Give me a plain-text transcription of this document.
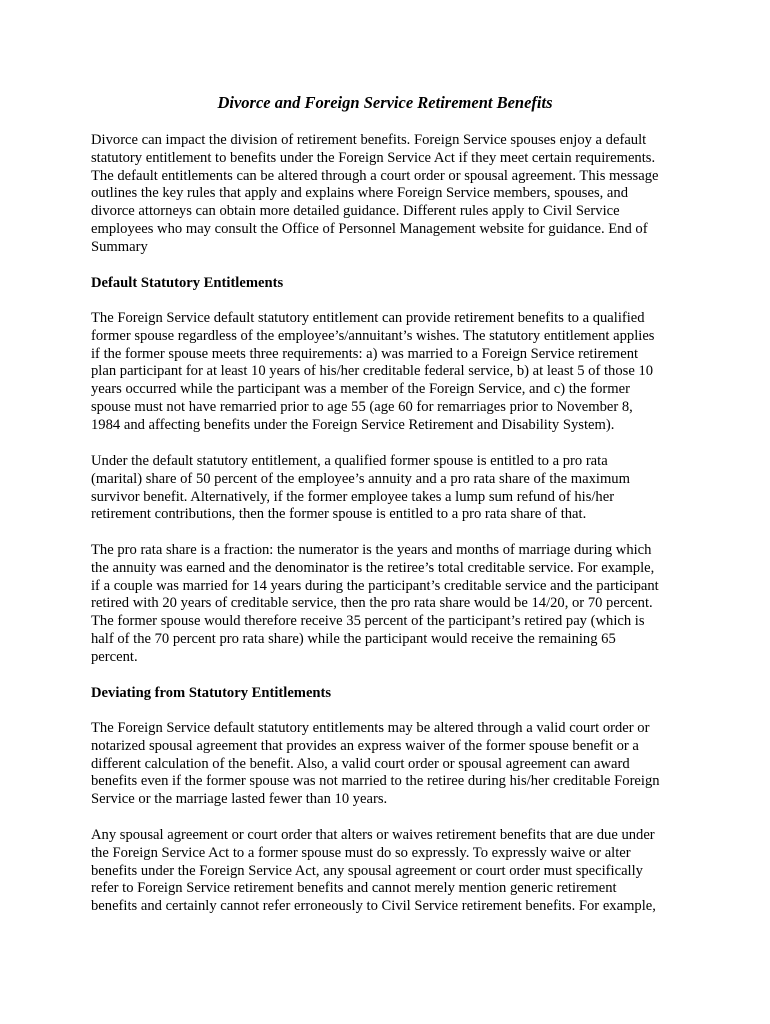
Divorce and Foreign Service Retirement Benefits

Divorce can impact the division of retirement benefits. Foreign Service spouses enjoy a default
statutory entitlement to benefits under the Foreign Service Act if they meet certain requirements.
The default entitlements can be altered through a court order or spousal agreement. This message
outlines the key rules that apply and explains where Foreign Service members, spouses, and
divorce attorneys can obtain more detailed guidance. Different rules apply to Civil Service
employees who may consult the Office of Personnel Management website for guidance. End of
Summary

Default Statutory Entitlements

The Foreign Service default statutory entitlement can provide retirement benefits to a qualified
former spouse regardless of the employee’s/annuitant’s wishes. The statutory entitlement applies
if the former spouse meets three requirements: a) was married to a Foreign Service retirement
plan participant for at least 10 years of his/her creditable federal service, b) at least 5 of those 10
years occurred while the participant was a member of the Foreign Service, and c) the former
spouse must not have remarried prior to age 55 (age 60 for remarriages prior to November 8,
1984 and affecting benefits under the Foreign Service Retirement and Disability System).

Under the default statutory entitlement, a qualified former spouse is entitled to a pro rata
(marital) share of 50 percent of the employee’s annuity and a pro rata share of the maximum
survivor benefit. Alternatively, if the former employee takes a lump sum refund of his/her
retirement contributions, then the former spouse is entitled to a pro rata share of that.

The pro rata share is a fraction: the numerator is the years and months of marriage during which
the annuity was earned and the denominator is the retiree’s total creditable service. For example,
if a couple was married for 14 years during the participant’s creditable service and the participant
retired with 20 years of creditable service, then the pro rata share would be 14/20, or 70 percent.
The former spouse would therefore receive 35 percent of the participant’s retired pay (which is
half of the 70 percent pro rata share) while the participant would receive the remaining 65
percent.

Deviating from Statutory Entitlements

The Foreign Service default statutory entitlements may be altered through a valid court order or
notarized spousal agreement that provides an express waiver of the former spouse benefit or a
different calculation of the benefit. Also, a valid court order or spousal agreement can award
benefits even if the former spouse was not married to the retiree during his/her creditable Foreign
Service or the marriage lasted fewer than 10 years.

Any spousal agreement or court order that alters or waives retirement benefits that are due under
the Foreign Service Act to a former spouse must do so expressly. To expressly waive or alter
benefits under the Foreign Service Act, any spousal agreement or court order must specifically
refer to Foreign Service retirement benefits and cannot merely mention generic retirement
benefits and certainly cannot refer erroneously to Civil Service retirement benefits. For example,
